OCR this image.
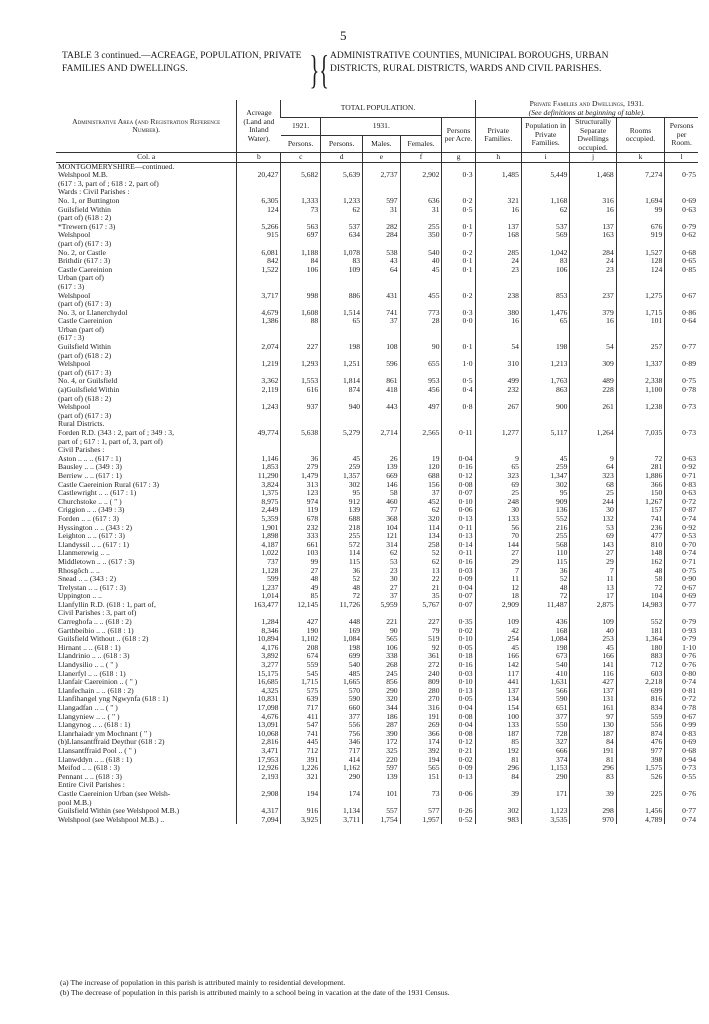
5
TABLE 3 continued.—ACREAGE, POPULATION, PRIVATE FAMILIES AND DWELLINGS.	}{ ADMINISTRATIVE COUNTIES, MUNICIPAL BOROUGHS, URBAN DISTRICTS, RURAL DISTRICTS, WARDS AND CIVIL PARISHES.
Administrative Area (and Registration Reference Number).	Acreage (Land and Inland Water).	TOTAL POPULATION.					Private Families and Dwellings, 1931.
(See definitions at beginning of table).				
		1921.	1931.			Persons per Acre.	Private Families.	Population in Private Families.	Structurally Separate Dwellings occupied.	Rooms occupied.	Persons per Room.
		Persons.	Persons.	Males.	Females.						
Col. a	b	c	d	e	f	g	h	i	j	k	l
MONTGOMERYSHIRE—continued.											

Welshpool M.B.	20,427	5,682	5,639	2,737	2,902	0·3	1,485	5,449	1,468	7,274	0·75
(617 : 3, part of ; 618 : 2, part of)											
Wards : Civil Parishes :											
No. 1, or Buttington	6,305	1,333	1,233	597	636	0·2	321	1,168	316	1,694	0·69
Guilsfield Within	124	73	62	31	31	0·5	16	62	16	99	0·63
(part of) (618 : 2)											
*Trewern (617 : 3)	5,266	563	537	282	255	0·1	137	537	137	676	0·79
Welshpool	915	697	634	284	350	0·7	168	569	163	919	0·62
(part of) (617 : 3)											
No. 2, or Castle	6,081	1,188	1,078	538	540	0·2	285	1,042	284	1,527	0·68
Brithdir (617 : 3)	842	84	83	43	40	0·1	24	83	24	128	0·65
Castle Caereinion	1,522	106	109	64	45	0·1	23	106	23	124	0·85
Urban (part of)											
(617 : 3)											
Welshpool	3,717	998	886	431	455	0·2	238	853	237	1,275	0·67
(part of) (617 : 3)											
No. 3, or Llanerchydol	4,679	1,608	1,514	741	773	0·3	380	1,476	379	1,715	0·86
Castle Caereinion	1,386	88	65	37	28	0·0	16	65	16	101	0·64
Urban (part of)											
(617 : 3)											
Guilsfield Within	2,074	227	198	108	90	0·1	54	198	54	257	0·77
(part of) (618 : 2)											
Welshpool	1,219	1,293	1,251	596	655	1·0	310	1,213	309	1,337	0·89
(part of) (617 : 3)											
No. 4, or Guilsfield	3,362	1,553	1,814	861	953	0·5	499	1,763	489	2,338	0·75
(a)Guilsfield Within	2,119	616	874	418	456	0·4	232	863	228	1,100	0·78
(part of) (618 : 2)											
Welshpool	1,243	937	940	443	497	0·8	267	900	261	1,238	0·73
(part of) (617 : 3)											

Rural Districts.											

Forden R.D. (343 : 2, part of ; 349 : 3,	49,774	5,638	5,279	2,714	2,565	0·11	1,277	5,117	1,264	7,035	0·73
part of ; 617 : 1, part of, 3, part of)											
Civil Parishes :											
Aston .. .. .. (617 : 1)	1,146	36	45	26	19	0·04	9	45	9	72	0·63
Bausley .. .. (349 : 3)	1,853	279	259	139	120	0·16	65	259	64	281	0·92
Berriew .. .. (617 : 1)	11,290	1,479	1,357	669	688	0·12	323	1,347	323	1,886	0·71
Castle Caereinion Rural (617 : 3)	3,824	313	302	146	156	0·08	69	302	68	366	0·83
Castlewright .. .. (617 : 1)	1,375	123	95	58	37	0·07	25	95	25	150	0·63
Churchstoke .. .. ( " )	8,975	974	912	460	452	0·10	248	909	244	1,267	0·72
Criggion .. .. (349 : 3)	2,449	119	139	77	62	0·06	30	136	30	157	0·87
Forden .. .. (617 : 3)	5,359	678	688	368	320	0·13	133	552	132	741	0·74
Hyssington .. .. (343 : 2)	1,901	232	218	104	114	0·11	56	216	53	236	0·92
Leighton .. .. (617 : 3)	1,898	333	255	121	134	0·13	70	255	69	477	0·53
Llandyssil .. .. (617 : 1)	4,187	661	572	314	258	0·14	144	568	143	810	0·70
Llanmerewig .. ..	1,022	103	114	62	52	0·11	27	110	27	148	0·74
Middletown .. .. (617 : 3)	737	99	115	53	62	0·16	29	115	29	162	0·71
Rhosgôch .. ..	1,128	27	36	23	13	0·03	7	36	7	48	0·75
Snead .. .. (343 : 2)	599	48	52	30	22	0·09	11	52	11	58	0·90
Trelystan .. .. (617 : 3)	1,237	49	48	27	21	0·04	12	48	13	72	0·67
Uppington .. ..	1,014	85	72	37	35	0·07	18	72	17	104	0·69

Llanfyllin R.D. (618 : 1, part of,	163,477	12,145	11,726	5,959	5,767	0·07	2,909	11,487	2,875	14,983	0·77
Civil Parishes : 3, part of)											
Carreghofa .. .. (618 : 2)	1,284	427	448	221	227	0·35	109	436	109	552	0·79
Garthbeibio .. .. (618 : 1)	8,346	190	169	90	79	0·02	42	168	40	181	0·93
Guilsfield Without .. (618 : 2)	10,894	1,102	1,084	565	519	0·10	254	1,084	253	1,364	0·79
Hirnant .. .. (618 : 1)	4,176	208	198	106	92	0·05	45	198	45	180	1·10
Llandrinio .. .. (618 : 3)	3,892	674	699	338	361	0·18	166	673	166	883	0·76
Llandysilio .. .. ( " )	3,277	559	540	268	272	0·16	142	540	141	712	0·76
Llanerfyl .. .. (618 : 1)	15,175	545	485	245	240	0·03	117	410	116	603	0·80
Llanfair Caereinion .. ( " )	16,685	1,715	1,665	856	809	0·10	441	1,631	427	2,218	0·74
Llanfechain .. .. (618 : 2)	4,325	575	570	290	280	0·13	137	566	137	699	0·81
Llanfihangel yng Ngwynfa (618 : 1)	10,831	639	590	320	270	0·05	134	590	131	816	0·72
Llangadfan .. .. ( " )	17,098	717	660	344	316	0·04	154	651	161	834	0·78
Llangyniew .. .. ( " )	4,676	411	377	186	191	0·08	100	377	97	559	0·67
Llangynog .. .. (618 : 1)	13,091	547	556	287	269	0·04	133	550	130	556	0·99
Llanrhaiadr ym Mochnant ( " )	10,068	741	756	390	366	0·08	187	728	187	874	0·83
(b)Llansantffraid Deythur (618 : 2)	2,816	445	346	172	174	0·12	85	327	84	476	0·69
Llansantffraid Pool .. ( " )	3,471	712	717	325	392	0·21	192	666	191	977	0·68
Llanwddyn .. .. (618 : 1)	17,953	391	414	220	194	0·02	81	374	81	398	0·94
Meifod .. .. (618 : 3)	12,926	1,226	1,162	597	565	0·09	296	1,153	296	1,575	0·73
Pennant .. .. (618 : 3)	2,193	321	290	139	151	0·13	84	290	83	526	0·55

Entire Civil Parishes :											
Castle Caereinion Urban (see Welsh-	2,908	194	174	101	73	0·06	39	171	39	225	0·76
pool M.B.)											
Guilsfield Within (see Welshpool M.B.)	4,317	916	1,134	557	577	0·26	302	1,123	298	1,456	0·77
Welshpool (see Welshpool M.B.) ..	7,094	3,925	3,711	1,754	1,957	0·52	983	3,535	970	4,789	0·74
(a) The increase of population in this parish is attributed mainly to residential development.
(b) The decrease of population in this parish is attributed mainly to a school being in vacation at the date of the 1931 Census.
